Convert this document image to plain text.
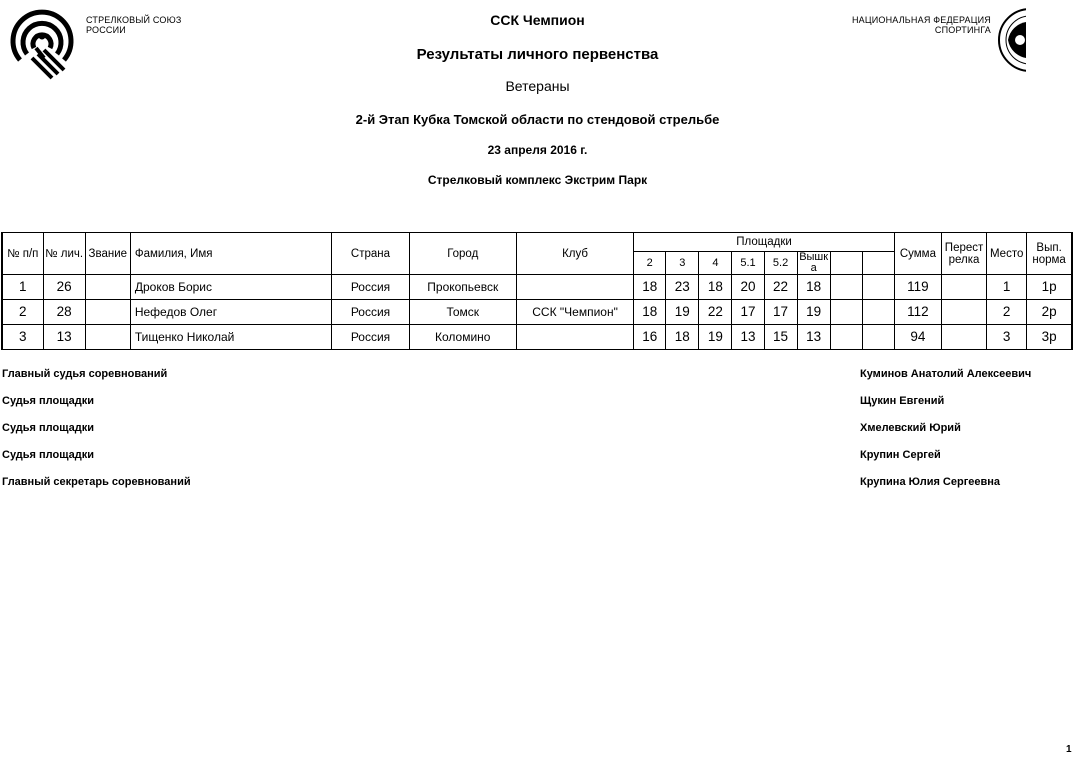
СТРЕЛКОВЫЙ СОЮЗ
РОССИИ
НАЦИОНАЛЬНАЯ ФЕДЕРАЦИЯ
СПОРТИНГА
ССК Чемпион
Результаты личного первенства
Ветераны
2-й Этап Кубка Томской области по стендовой стрельбе
23 апреля 2016 г.
Стрелковый комплекс Экстрим Парк
№ п/п	№ лич.	Звание	Фамилия, Имя	Страна	Город	Клуб	Площадки								Сумма	Перестрелка	Место	Вып. норма
							2	3	4	5.1	5.2	Вышка						
1	26		Дроков Борис	Россия	Прокопьевск		18	23	18	20	22	18			119		1	1р
2	28		Нефедов Олег	Россия	Томск	ССК "Чемпион"	18	19	22	17	17	19			112		2	2р
3	13		Тищенко Николай	Россия	Коломино		16	18	19	13	15	13			94		3	3р
Главный судья соревнований	Куминов Анатолий Алексеевич
Судья площадки	Щукин Евгений
Судья площадки	Хмелевский Юрий
Судья площадки	Крупин Сергей
Главный секретарь соревнований	Крупина Юлия Сергеевна
1
